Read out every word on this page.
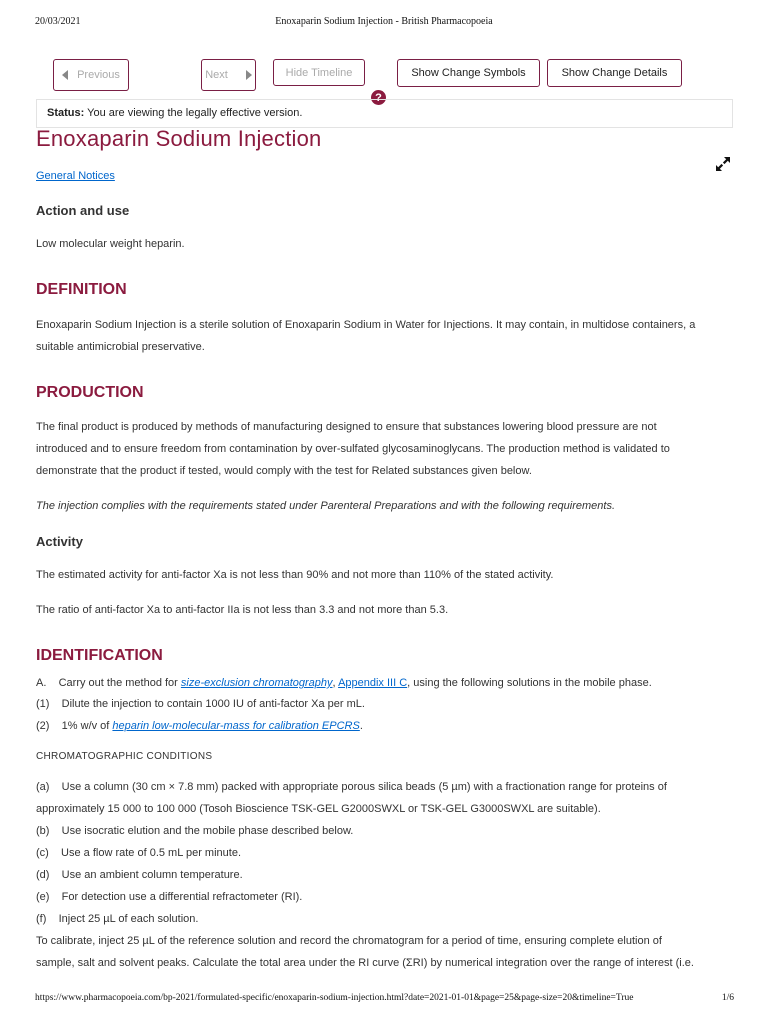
20/03/2021	Enoxaparin Sodium Injection - British Pharmacopoeia
Previous	Next	Hide Timeline	Show Change Symbols	Show Change Details
?
Status: You are viewing the legally effective version.
Enoxaparin Sodium Injection
General Notices
Action and use
Low molecular weight heparin.
DEFINITION
Enoxaparin Sodium Injection is a sterile solution of Enoxaparin Sodium in Water for Injections. It may contain, in multidose containers, a
suitable antimicrobial preservative.
PRODUCTION
The final product is produced by methods of manufacturing designed to ensure that substances lowering blood pressure are not
introduced and to ensure freedom from contamination by over-sulfated glycosaminoglycans. The production method is validated to
demonstrate that the product if tested, would comply with the test for Related substances given below.
The injection complies with the requirements stated under Parenteral Preparations and with the following requirements.
Activity
The estimated activity for anti-factor Xa is not less than 90% and not more than 110% of the stated activity.
The ratio of anti-factor Xa to anti-factor IIa is not less than 3.3 and not more than 5.3.
IDENTIFICATION
A.    Carry out the method for size-exclusion chromatography, Appendix III C, using the following solutions in the mobile phase.
(1)    Dilute the injection to contain 1000 IU of anti-factor Xa per mL.
(2)    1% w/v of heparin low-molecular-mass for calibration EPCRS.
CHROMATOGRAPHIC CONDITIONS
(a)    Use a column (30 cm × 7.8 mm) packed with appropriate porous silica beads (5 µm) with a fractionation range for proteins of
approximately 15 000 to 100 000 (Tosoh Bioscience TSK-GEL G2000SWXL or TSK-GEL G3000SWXL are suitable).
(b)    Use isocratic elution and the mobile phase described below.
(c)    Use a flow rate of 0.5 mL per minute.
(d)    Use an ambient column temperature.
(e)    For detection use a differential refractometer (RI).
(f)    Inject 25 µL of each solution.
To calibrate, inject 25 µL of the reference solution and record the chromatogram for a period of time, ensuring complete elution of
sample, salt and solvent peaks. Calculate the total area under the RI curve (ΣRI) by numerical integration over the range of interest (i.e.
https://www.pharmacopoeia.com/bp-2021/formulated-specific/enoxaparin-sodium-injection.html?date=2021-01-01&page=25&page-size=20&timeline=True	1/6
